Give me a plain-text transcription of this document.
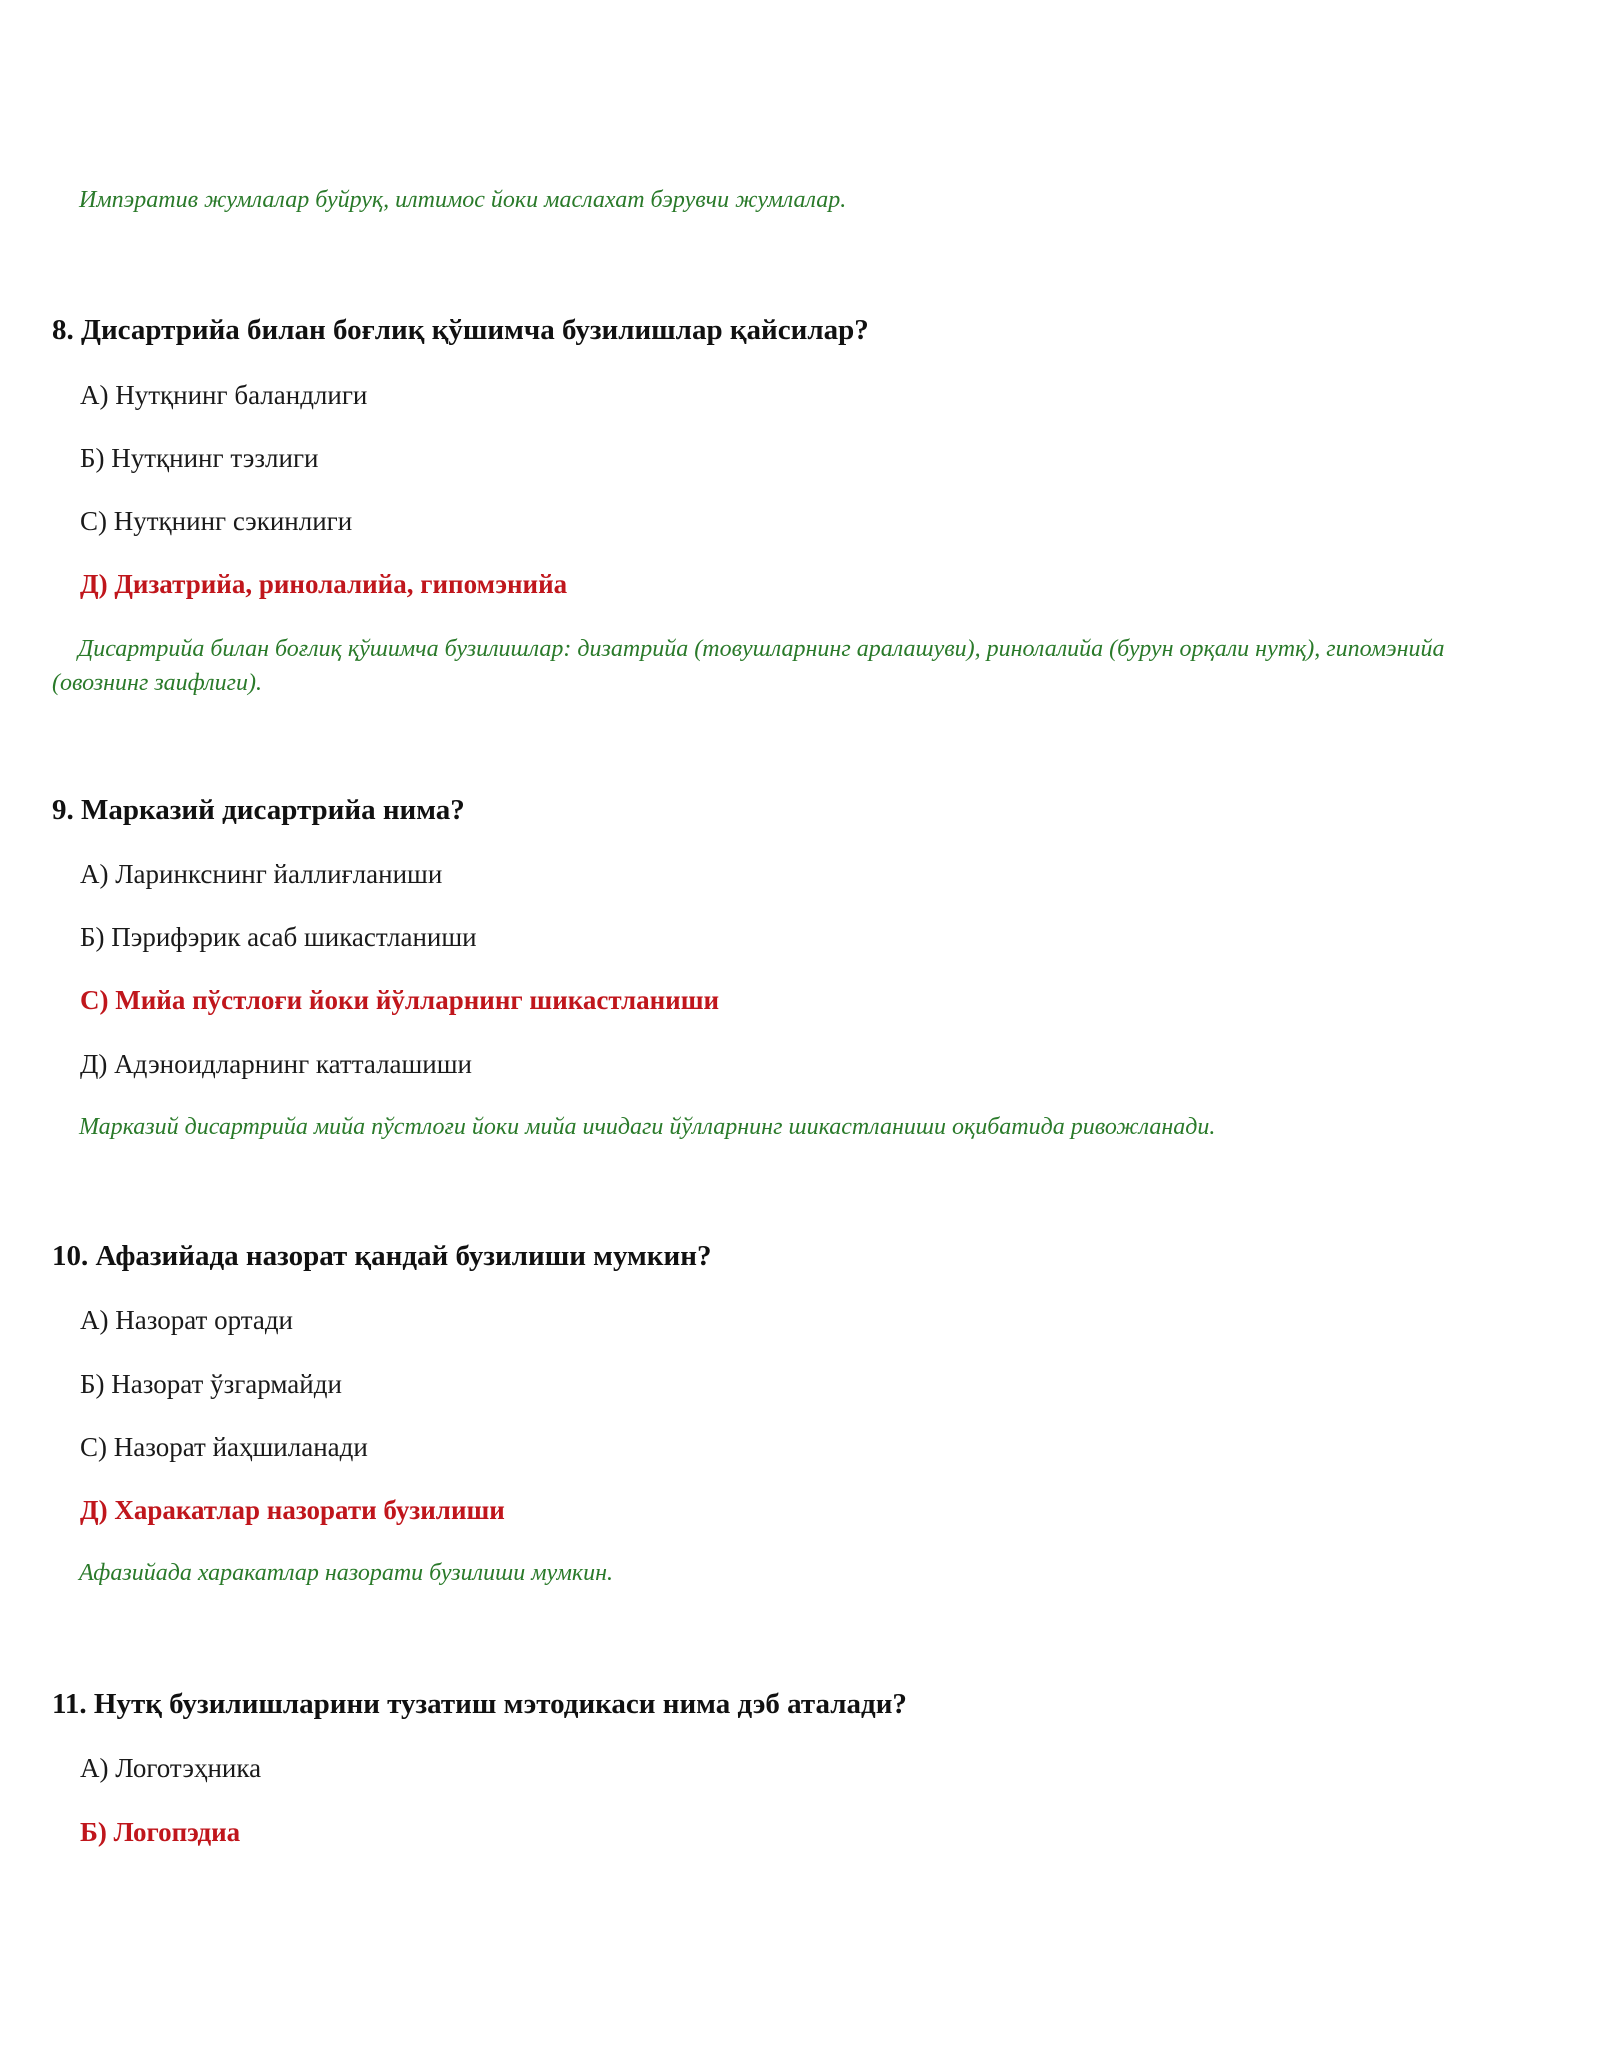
Импэратив жумлалар буйруқ, илтимос йоки маслахат бэрувчи жумлалар.
8. Дисартрийа билан боғлиқ қўшимча бузилишлар қайсилар?
А) Нутқнинг баландлиги
Б) Нутқнинг тэзлиги
С) Нутқнинг сэкинлиги
Д) Дизатрийа, ринолалийа, гипомэнийа
Дисартрийа билан боғлиқ қўшимча бузилишлар: дизатрийа (товушларнинг аралашуви), ринолалийа (бурун орқали нутқ), гипомэнийа (овознинг заифлиги).
9. Марказий дисартрийа нима?
А) Ларинкснинг йаллиғланиши
Б) Пэрифэрик асаб шикастланиши
С) Мийа пўстлоғи йоки йўлларнинг шикастланиши
Д) Адэноидларнинг катталашиши
Марказий дисартрийа мийа пўстлоғи йоки мийа ичидаги йўлларнинг шикастланиши оқибатида ривожланади.
10. Афазийада назорат қандай бузилиши мумкин?
А) Назорат ортади
Б) Назорат ўзгармайди
С) Назорат йаҳшиланади
Д) Харакатлар назорати бузилиши
Афазийада харакатлар назорати бузилиши мумкин.
11. Нутқ бузилишларини тузатиш мэтодикаси нима дэб аталади?
А) Логотэҳника
Б) Логопэдиа
